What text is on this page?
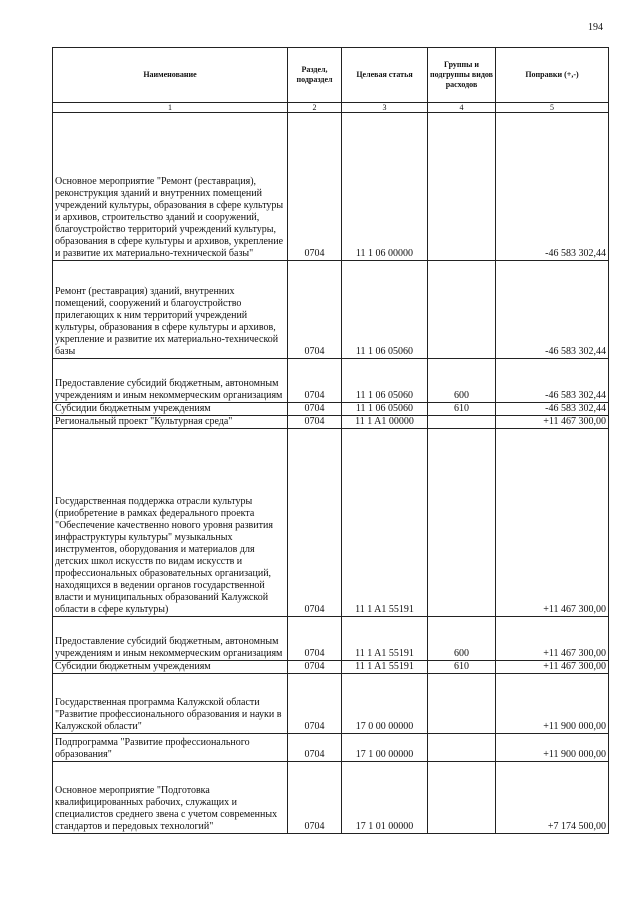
194
Наименование	Раздел, подраздел	Целевая статья	Группы и подгруппы видов расходов	Поправки (+,-)
1	2	3	4	5
Основное мероприятие "Ремонт (реставрация), реконструкция зданий и внутренних помещений учреждений культуры, образования в сфере культуры и архивов, строительство зданий и сооружений, благоустройство территорий учреждений культуры, образования в сфере культуры и архивов, укрепление и развитие их материально-технической базы"	0704	11 1 06 00000		-46 583 302,44
Ремонт (реставрация) зданий, внутренних помещений, сооружений и благоустройство прилегающих к ним территорий учреждений культуры, образования в сфере культуры и архивов, укрепление и развитие их материально-технической базы	0704	11 1 06 05060		-46 583 302,44
Предоставление субсидий бюджетным, автономным учреждениям и иным некоммерческим организациям	0704	11 1 06 05060	600	-46 583 302,44
Субсидии бюджетным учреждениям	0704	11 1 06 05060	610	-46 583 302,44
Региональный проект "Культурная среда"	0704	11 1 A1 00000		+11 467 300,00
Государственная поддержка отрасли культуры (приобретение в рамках федерального проекта "Обеспечение качественно нового уровня развития инфраструктуры культуры" музыкальных инструментов, оборудования и материалов для детских школ искусств по видам искусств и профессиональных образовательных организаций, находящихся в ведении органов государственной власти и муниципальных образований Калужской области в сфере культуры)	0704	11 1 A1 55191		+11 467 300,00
Предоставление субсидий бюджетным, автономным учреждениям и иным некоммерческим организациям	0704	11 1 A1 55191	600	+11 467 300,00
Субсидии бюджетным учреждениям	0704	11 1 A1 55191	610	+11 467 300,00
Государственная программа Калужской области "Развитие профессионального образования и науки в Калужской области"	0704	17 0 00 00000		+11 900 000,00
Подпрограмма "Развитие профессионального образования"	0704	17 1 00 00000		+11 900 000,00
Основное мероприятие "Подготовка квалифицированных рабочих, служащих и специалистов среднего звена с учетом современных стандартов и передовых технологий"	0704	17 1 01 00000		+7 174 500,00
